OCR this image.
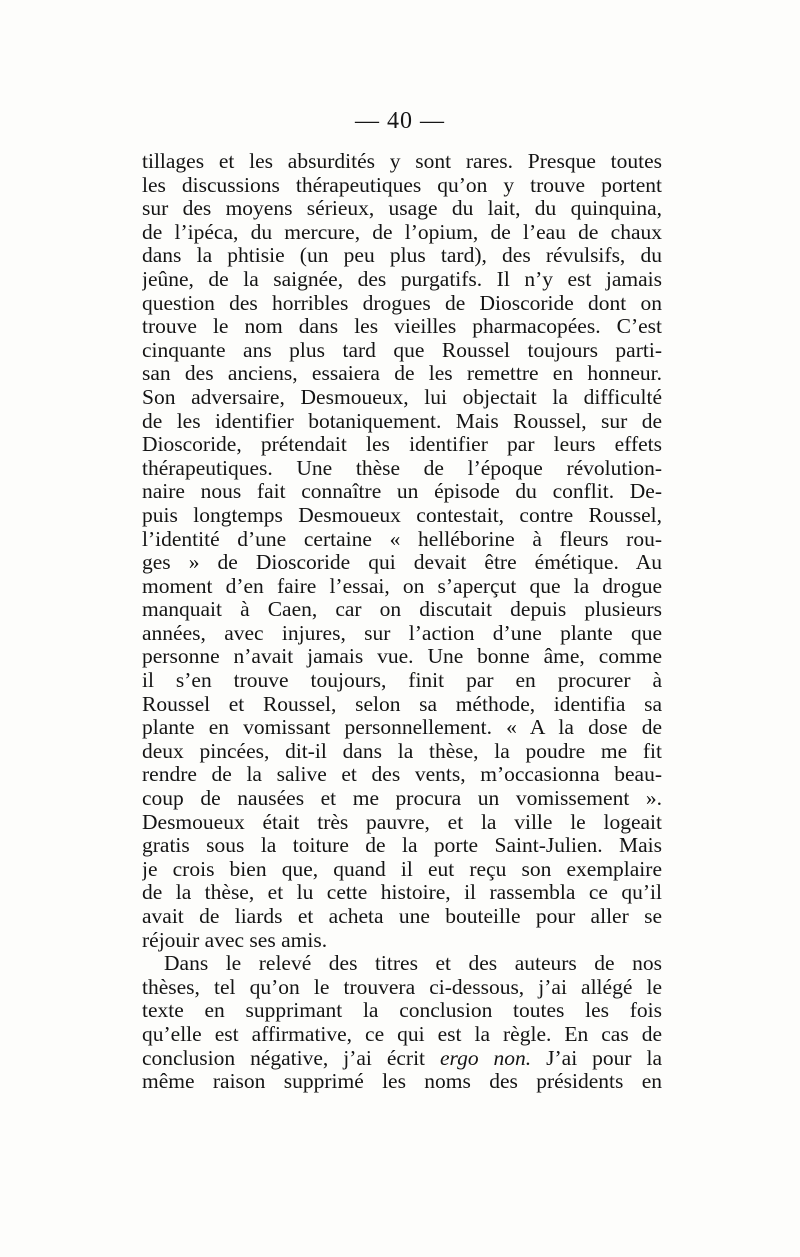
— 40 —
tillages et les absurdités y sont rares. Presque toutes
les discussions thérapeutiques qu’on y trouve portent
sur des moyens sérieux, usage du lait, du quinquina,
de l’ipéca, du mercure, de l’opium, de l’eau de chaux
dans la phtisie (un peu plus tard), des révulsifs, du
jeûne, de la saignée, des purgatifs. Il n’y est jamais
question des horribles drogues de Dioscoride dont on
trouve le nom dans les vieilles pharmacopées. C’est
cinquante ans plus tard que Roussel toujours parti-
san des anciens, essaiera de les remettre en honneur.
Son adversaire, Desmoueux, lui objectait la difficulté
de les identifier botaniquement. Mais Roussel, sur de
Dioscoride, prétendait les identifier par leurs effets
thérapeutiques. Une thèse de l’époque révolution-
naire nous fait connaître un épisode du conflit. De-
puis longtemps Desmoueux contestait, contre Roussel,
l’identité d’une certaine « helléborine à fleurs rou-
ges » de Dioscoride qui devait être émétique. Au
moment d’en faire l’essai, on s’aperçut que la drogue
manquait à Caen, car on discutait depuis plusieurs
années, avec injures, sur l’action d’une plante que
personne n’avait jamais vue. Une bonne âme, comme
il s’en trouve toujours, finit par en procurer à
Roussel et Roussel, selon sa méthode, identifia sa
plante en vomissant personnellement. « A la dose de
deux pincées, dit-il dans la thèse, la poudre me fit
rendre de la salive et des vents, m’occasionna beau-
coup de nausées et me procura un vomissement ».
Desmoueux était très pauvre, et la ville le logeait
gratis sous la toiture de la porte Saint-Julien. Mais
je crois bien que, quand il eut reçu son exemplaire
de la thèse, et lu cette histoire, il rassembla ce qu’il
avait de liards et acheta une bouteille pour aller se
réjouir avec ses amis.
Dans le relevé des titres et des auteurs de nos
thèses, tel qu’on le trouvera ci-dessous, j’ai allégé le
texte en supprimant la conclusion toutes les fois
qu’elle est affirmative, ce qui est la règle. En cas de
conclusion négative, j’ai écrit ergo non. J’ai pour la
même raison supprimé les noms des présidents en
